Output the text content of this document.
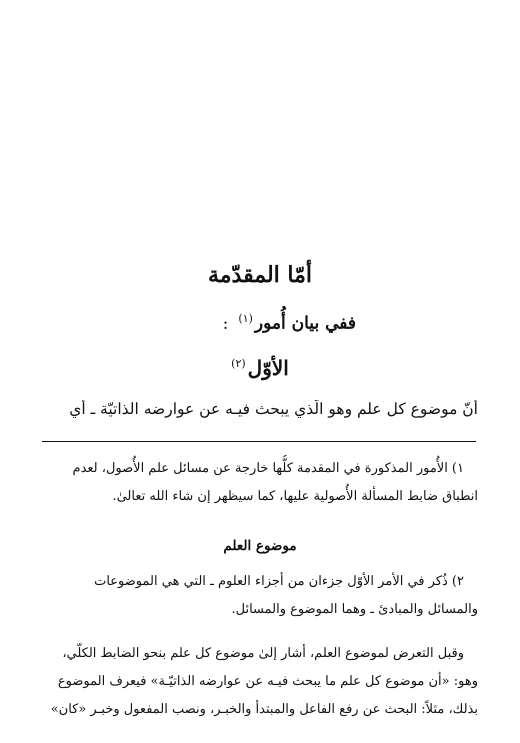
أمّا المقدّمة
ففي بيان أُمور$^{(١)}$:
الأوّل$^{(٢)}$
أنّ موضوع كل علم وهو الّذي يبحث فيـه عن عوارضه الذاتيّة ـ أي
١) الأُمور المذكورة في المقدمة كلُّها خارجة عن مسائل علم الأُصول، لعدم
انطباق ضابط المسألة الأُصولية عليها، كما سيظهر إن شاء الله تعالىٰ.
موضوع العلم
٢) ذُكر في الأمر الأوّل جزءان من أجزاء العلوم ـ التي هي الموضوعات
والمسائل والمبادئ ـ وهما الموضوع والمسائل.
وقبل التعرض لموضوع العلم، أشار إلىٰ موضوع كل علم بنحو الضابط الكلّي،
وهو: «أن موضوع كل علم ما يبحث فيـه عن عوارضه الذاتيّـة» فيعرف الموضوع
بذلك، مثلاً: البحث عن رفع الفاعل والمبتدأ والخبـر، ونصب المفعول وخبـر «كان»
